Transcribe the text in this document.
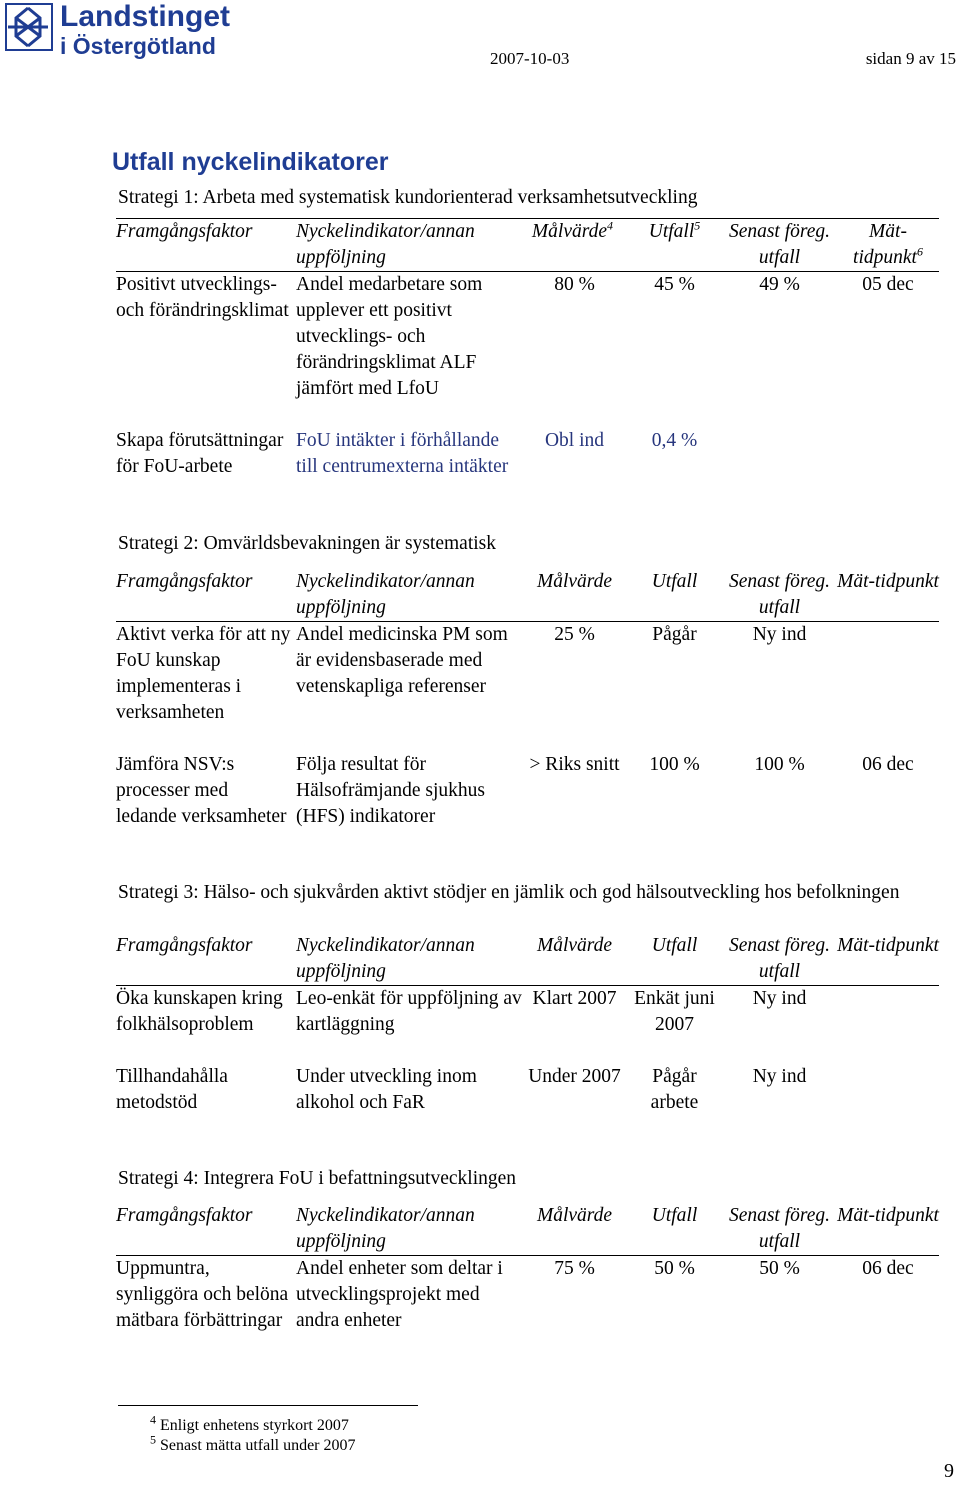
Landstinget
i Östergötland	2007-10-03	sidan 9 av 15
Utfall nyckelindikatorer
Strategi 1: Arbeta med systematisk kundorienterad verksamhetsutveckling
Framgångsfaktor	Nyckelindikator/annan uppföljning	Målvärde$^4$	Utfall$^5$	Senast föreg. utfall	Mät-tidpunkt$^6$
Positivt utvecklings- och förändringsklimat	Andel medarbetare som upplever ett positivt utvecklings- och förändringsklimat ALF jämfört med LfoU	80 %	45 %	49 %	05 dec

Skapa förutsättningar för FoU-arbete	FoU intäkter i förhållande till centrumexterna intäkter	Obl ind	0,4 %		
Strategi 2: Omvärldsbevakningen är systematisk
Framgångsfaktor	Nyckelindikator/annan uppföljning	Målvärde	Utfall	Senast föreg. utfall	Mät-tidpunkt
Aktivt verka för att ny FoU kunskap implementeras i verksamheten	Andel medicinska PM som är evidensbaserade med vetenskapliga referenser	25 %	Pågår	Ny ind	

Jämföra NSV:s processer med ledande verksamheter	Följa resultat för Hälsofrämjande sjukhus (HFS) indikatorer	> Riks snitt	100 %	100 %	06 dec
Strategi 3: Hälso- och sjukvården aktivt stödjer en jämlik och god hälsoutveckling hos befolkningen
Framgångsfaktor	Nyckelindikator/annan uppföljning	Målvärde	Utfall	Senast föreg. utfall	Mät-tidpunkt
Öka kunskapen kring folkhälsoproblem	Leo-enkät för uppföljning av kartläggning	Klart 2007	Enkät juni 2007	Ny ind	

Tillhandahålla metodstöd	Under utveckling inom alkohol och FaR	Under 2007	Pågår arbete	Ny ind	
Strategi 4: Integrera FoU i befattningsutvecklingen
Framgångsfaktor	Nyckelindikator/annan uppföljning	Målvärde	Utfall	Senast föreg. utfall	Mät-tidpunkt
Uppmuntra, synliggöra och belöna mätbara förbättringar	Andel enheter som deltar i utvecklingsprojekt med andra enheter	75 %	50 %	50 %	06 dec
$^4$ Enligt enhetens styrkort 2007
$^5$ Senast mätta utfall under 2007
9
